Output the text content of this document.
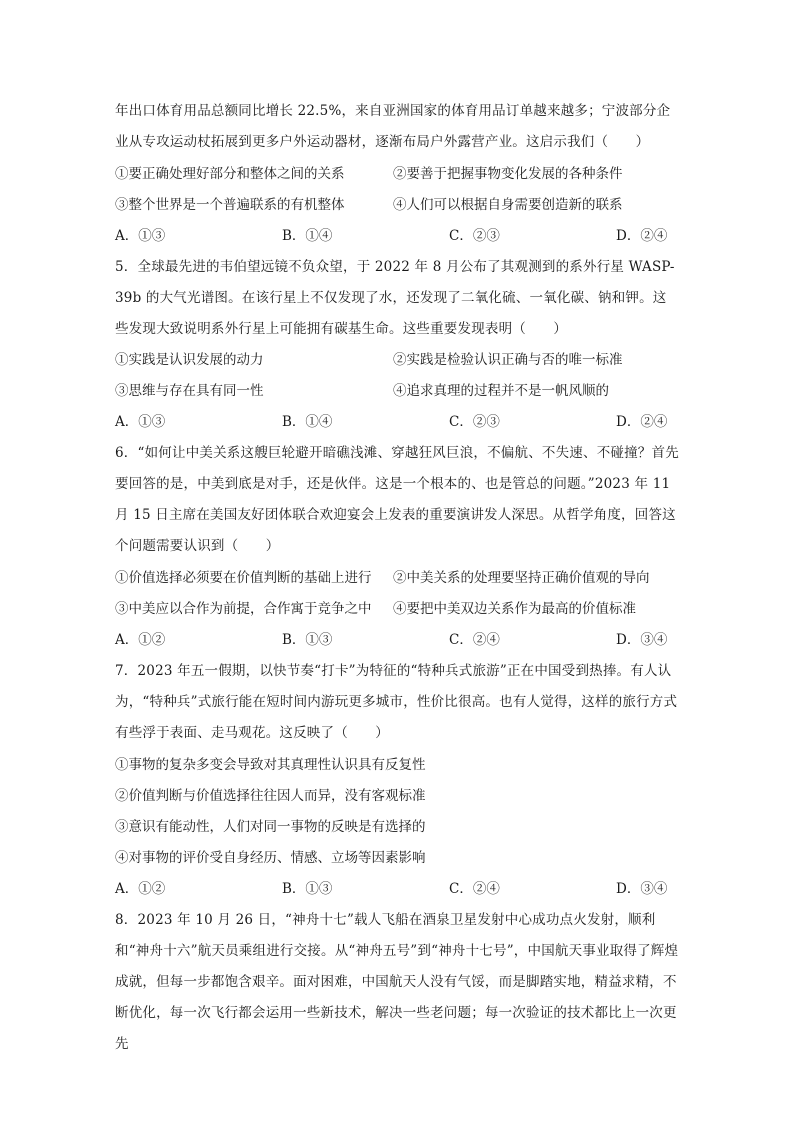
年出口体育用品总额同比增长 22.5%，来自亚洲国家的体育用品订单越来越多；宁波部分企业从专攻运动杖拓展到更多户外运动器材，逐渐布局户外露营产业。这启示我们（　　）

①要正确处理好部分和整体之间的关系	②要善于把握事物变化发展的各种条件
③整个世界是一个普遍联系的有机整体	④人们可以根据自身需要创造新的联系
A．①③	B．①④	C．②③	D．②④

5．全球最先进的韦伯望远镜不负众望，于 2022 年 8 月公布了其观测到的系外行星 WASP-39b 的大气光谱图。在该行星上不仅发现了水，还发现了二氧化硫、一氧化碳、钠和钾。这些发现大致说明系外行星上可能拥有碳基生命。这些重要发现表明（　　）

①实践是认识发展的动力	②实践是检验认识正确与否的唯一标准
③思维与存在具有同一性	④追求真理的过程并不是一帆风顺的
A．①③	B．①④	C．②③	D．②④

6．“如何让中美关系这艘巨轮避开暗礁浅滩、穿越狂风巨浪，不偏航、不失速、不碰撞？首先要回答的是，中美到底是对手，还是伙伴。这是一个根本的、也是管总的问题。”2023 年 11 月 15 日主席在美国友好团体联合欢迎宴会上发表的重要演讲发人深思。从哲学角度，回答这个问题需要认识到（　　）

①价值选择必须要在价值判断的基础上进行 ②中美关系的处理要坚持正确价值观的导向
③中美应以合作为前提，合作寓于竞争之中 ④要把中美双边关系作为最高的价值标准
A．①②	B．①③	C．②④	D．③④

7．2023 年五一假期，以快节奏“打卡”为特征的“特种兵式旅游”正在中国受到热捧。有人认为，“特种兵”式旅行能在短时间内游玩更多城市，性价比很高。也有人觉得，这样的旅行方式有些浮于表面、走马观花。这反映了（　　）

①事物的复杂多变会导致对其真理性认识具有反复性
②价值判断与价值选择往往因人而异，没有客观标准
③意识有能动性，人们对同一事物的反映是有选择的
④对事物的评价受自身经历、情感、立场等因素影响
A．①②	B．①③	C．②④	D．③④

8．2023 年 10 月 26 日，“神舟十七”载人飞船在酒泉卫星发射中心成功点火发射，顺利和“神舟十六”航天员乘组进行交接。从“神舟五号”到“神舟十七号”，中国航天事业取得了辉煌成就，但每一步都饱含艰辛。面对困难，中国航天人没有气馁，而是脚踏实地，精益求精，不断优化，每一次飞行都会运用一些新技术，解决一些老问题；每一次验证的技术都比上一次更先
